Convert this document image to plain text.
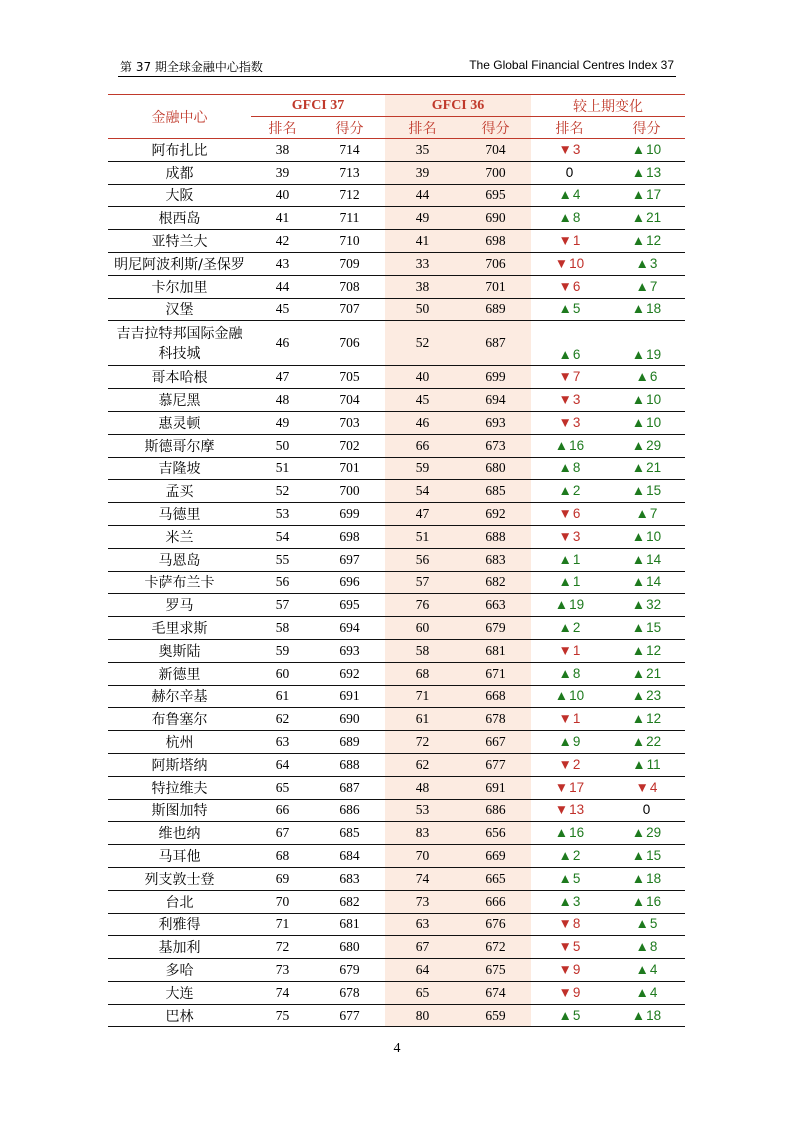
第 37 期全球金融中心指数	The Global Financial Centres Index 37
金融中心	GFCI 37		GFCI 36		较上期变化	
	排名	得分	排名	得分	排名	得分

阿布扎比	38	714	35	704	▼3	▲10

成都	39	713	39	700	0	▲13

大阪	40	712	44	695	▲4	▲17

根西岛	41	711	49	690	▲8	▲21

亚特兰大	42	710	41	698	▼1	▲12

明尼阿波利斯/圣保罗	43	709	33	706	▼10	▲3

卡尔加里	44	708	38	701	▼6	▲7

汉堡	45	707	50	689	▲5	▲18

吉吉拉特邦国际金融
科技城	46	706	52	687	▲6	▲19

哥本哈根	47	705	40	699	▼7	▲6

慕尼黑	48	704	45	694	▼3	▲10

惠灵顿	49	703	46	693	▼3	▲10

斯德哥尔摩	50	702	66	673	▲16	▲29

吉隆坡	51	701	59	680	▲8	▲21

孟买	52	700	54	685	▲2	▲15

马德里	53	699	47	692	▼6	▲7

米兰	54	698	51	688	▼3	▲10

马恩岛	55	697	56	683	▲1	▲14

卡萨布兰卡	56	696	57	682	▲1	▲14

罗马	57	695	76	663	▲19	▲32

毛里求斯	58	694	60	679	▲2	▲15

奥斯陆	59	693	58	681	▼1	▲12

新德里	60	692	68	671	▲8	▲21

赫尔辛基	61	691	71	668	▲10	▲23

布鲁塞尔	62	690	61	678	▼1	▲12

杭州	63	689	72	667	▲9	▲22

阿斯塔纳	64	688	62	677	▼2	▲11

特拉维夫	65	687	48	691	▼17	▼4

斯图加特	66	686	53	686	▼13	0

维也纳	67	685	83	656	▲16	▲29

马耳他	68	684	70	669	▲2	▲15

列支敦士登	69	683	74	665	▲5	▲18

台北	70	682	73	666	▲3	▲16

利雅得	71	681	63	676	▼8	▲5

基加利	72	680	67	672	▼5	▲8

多哈	73	679	64	675	▼9	▲4

大连	74	678	65	674	▼9	▲4

巴林	75	677	80	659	▲5	▲18
4
